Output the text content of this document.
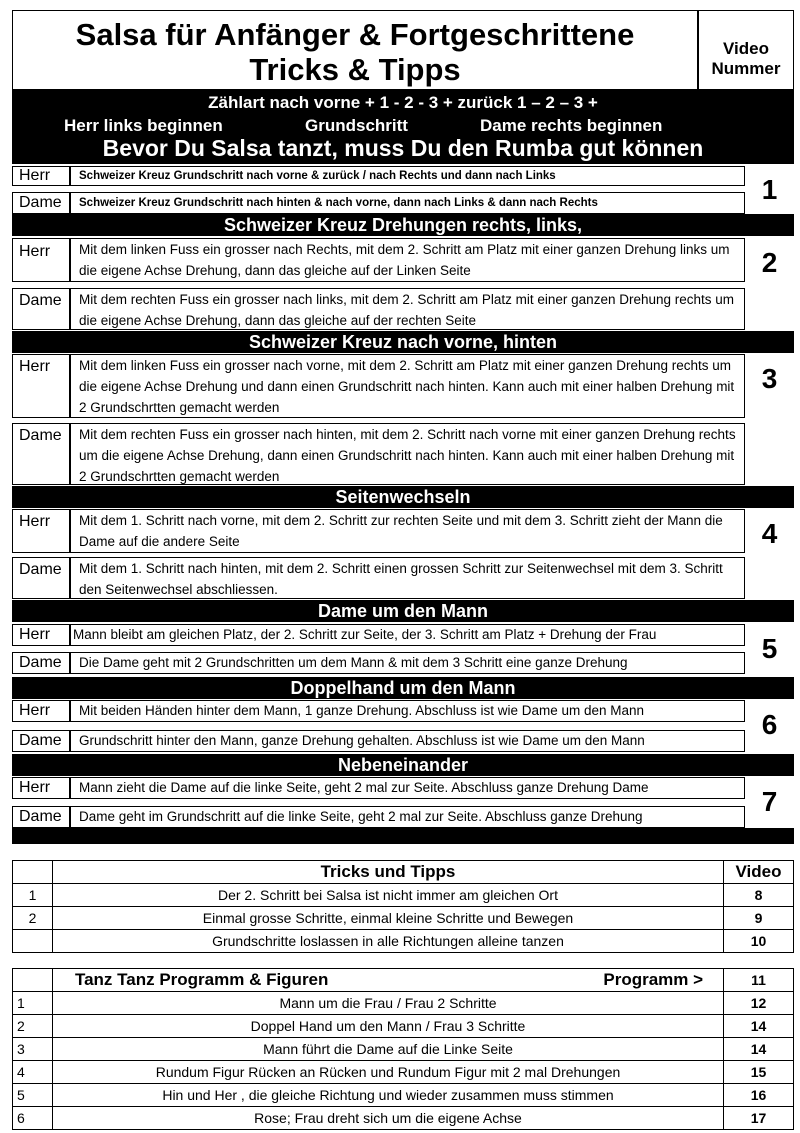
Salsa für Anfänger & Fortgeschrittene
Tricks & Tipps
Video
Nummer
Zählart nach vorne + 1 - 2 - 3 + zurück 1 – 2 – 3 +
Herr links beginnen	Grundschritt	Dame rechts beginnen
Bevor Du Salsa tanzt, muss Du den Rumba gut können
Herr	Schweizer Kreuz Grundschritt nach vorne & zurück / nach Rechts und dann nach Links
Dame	Schweizer Kreuz Grundschritt nach hinten & nach vorne, dann nach Links & dann nach Rechts	1
Schweizer Kreuz Drehungen rechts, links,
Herr	Mit dem linken Fuss ein grosser nach Rechts, mit dem 2. Schritt am Platz mit einer ganzen Drehung links um die eigene Achse Drehung, dann das gleiche auf der Linken Seite
Dame	Mit dem rechten Fuss ein grosser nach links, mit dem 2. Schritt am Platz mit einer ganzen Drehung rechts um die eigene Achse Drehung, dann das gleiche auf der rechten Seite
2
Schweizer Kreuz nach vorne, hinten
Herr	Mit dem linken Fuss ein grosser nach vorne, mit dem 2. Schritt am Platz mit einer ganzen Drehung rechts um die eigene Achse Drehung und dann einen Grundschritt nach hinten. Kann auch mit einer halben Drehung mit 2 Grundschrtten gemacht werden
Dame	Mit dem rechten Fuss ein grosser nach hinten, mit dem 2. Schritt nach vorne mit einer ganzen Drehung rechts um die eigene Achse Drehung, dann einen Grundschritt nach hinten. Kann auch mit einer halben Drehung mit 2 Grundschrtten gemacht werden
3
Seitenwechseln
Herr	Mit dem 1. Schritt nach vorne, mit dem 2. Schritt zur rechten Seite und mit dem 3. Schritt zieht der Mann die Dame auf die andere Seite
Dame	Mit dem 1. Schritt nach hinten, mit dem 2. Schritt einen grossen Schritt zur Seitenwechsel mit dem 3. Schritt den Seitenwechsel abschliessen.
4
Dame um den Mann
Herr	Mann bleibt am gleichen Platz, der 2. Schritt zur Seite, der 3. Schritt am Platz + Drehung der Frau
Dame	Die Dame geht mit 2 Grundschritten um dem Mann & mit dem 3 Schritt eine ganze Drehung	5
Doppelhand um den Mann
Herr	Mit beiden Händen hinter dem Mann, 1 ganze Drehung. Abschluss ist wie Dame um den Mann
Dame	Grundschritt hinter den Mann, ganze Drehung gehalten. Abschluss ist wie Dame um den Mann
6
Nebeneinander
Herr	Mann zieht die Dame auf die linke Seite, geht 2 mal zur Seite. Abschluss ganze Drehung Dame
Dame	Dame geht im Grundschritt auf die linke Seite, geht 2 mal zur Seite. Abschluss ganze Drehung	7
	Tricks und Tipps	Video
1	Der 2. Schritt bei Salsa ist nicht immer am gleichen Ort	8
2	Einmal grosse Schritte, einmal kleine Schritte und Bewegen	9
	Grundschritte loslassen in alle Richtungen alleine tanzen	10
	Tanz Tanz Programm & Figuren Programm >	11
1	Mann um die Frau / Frau 2 Schritte	12
2	Doppel Hand um den Mann / Frau 3 Schritte	14
3	Mann führt die Dame auf die Linke Seite	14
4	Rundum Figur Rücken an Rücken und Rundum Figur mit 2 mal Drehungen	15
5	Hin und Her , die gleiche Richtung und wieder zusammen muss stimmen	16
6	Rose; Frau dreht sich um die eigene Achse	17
